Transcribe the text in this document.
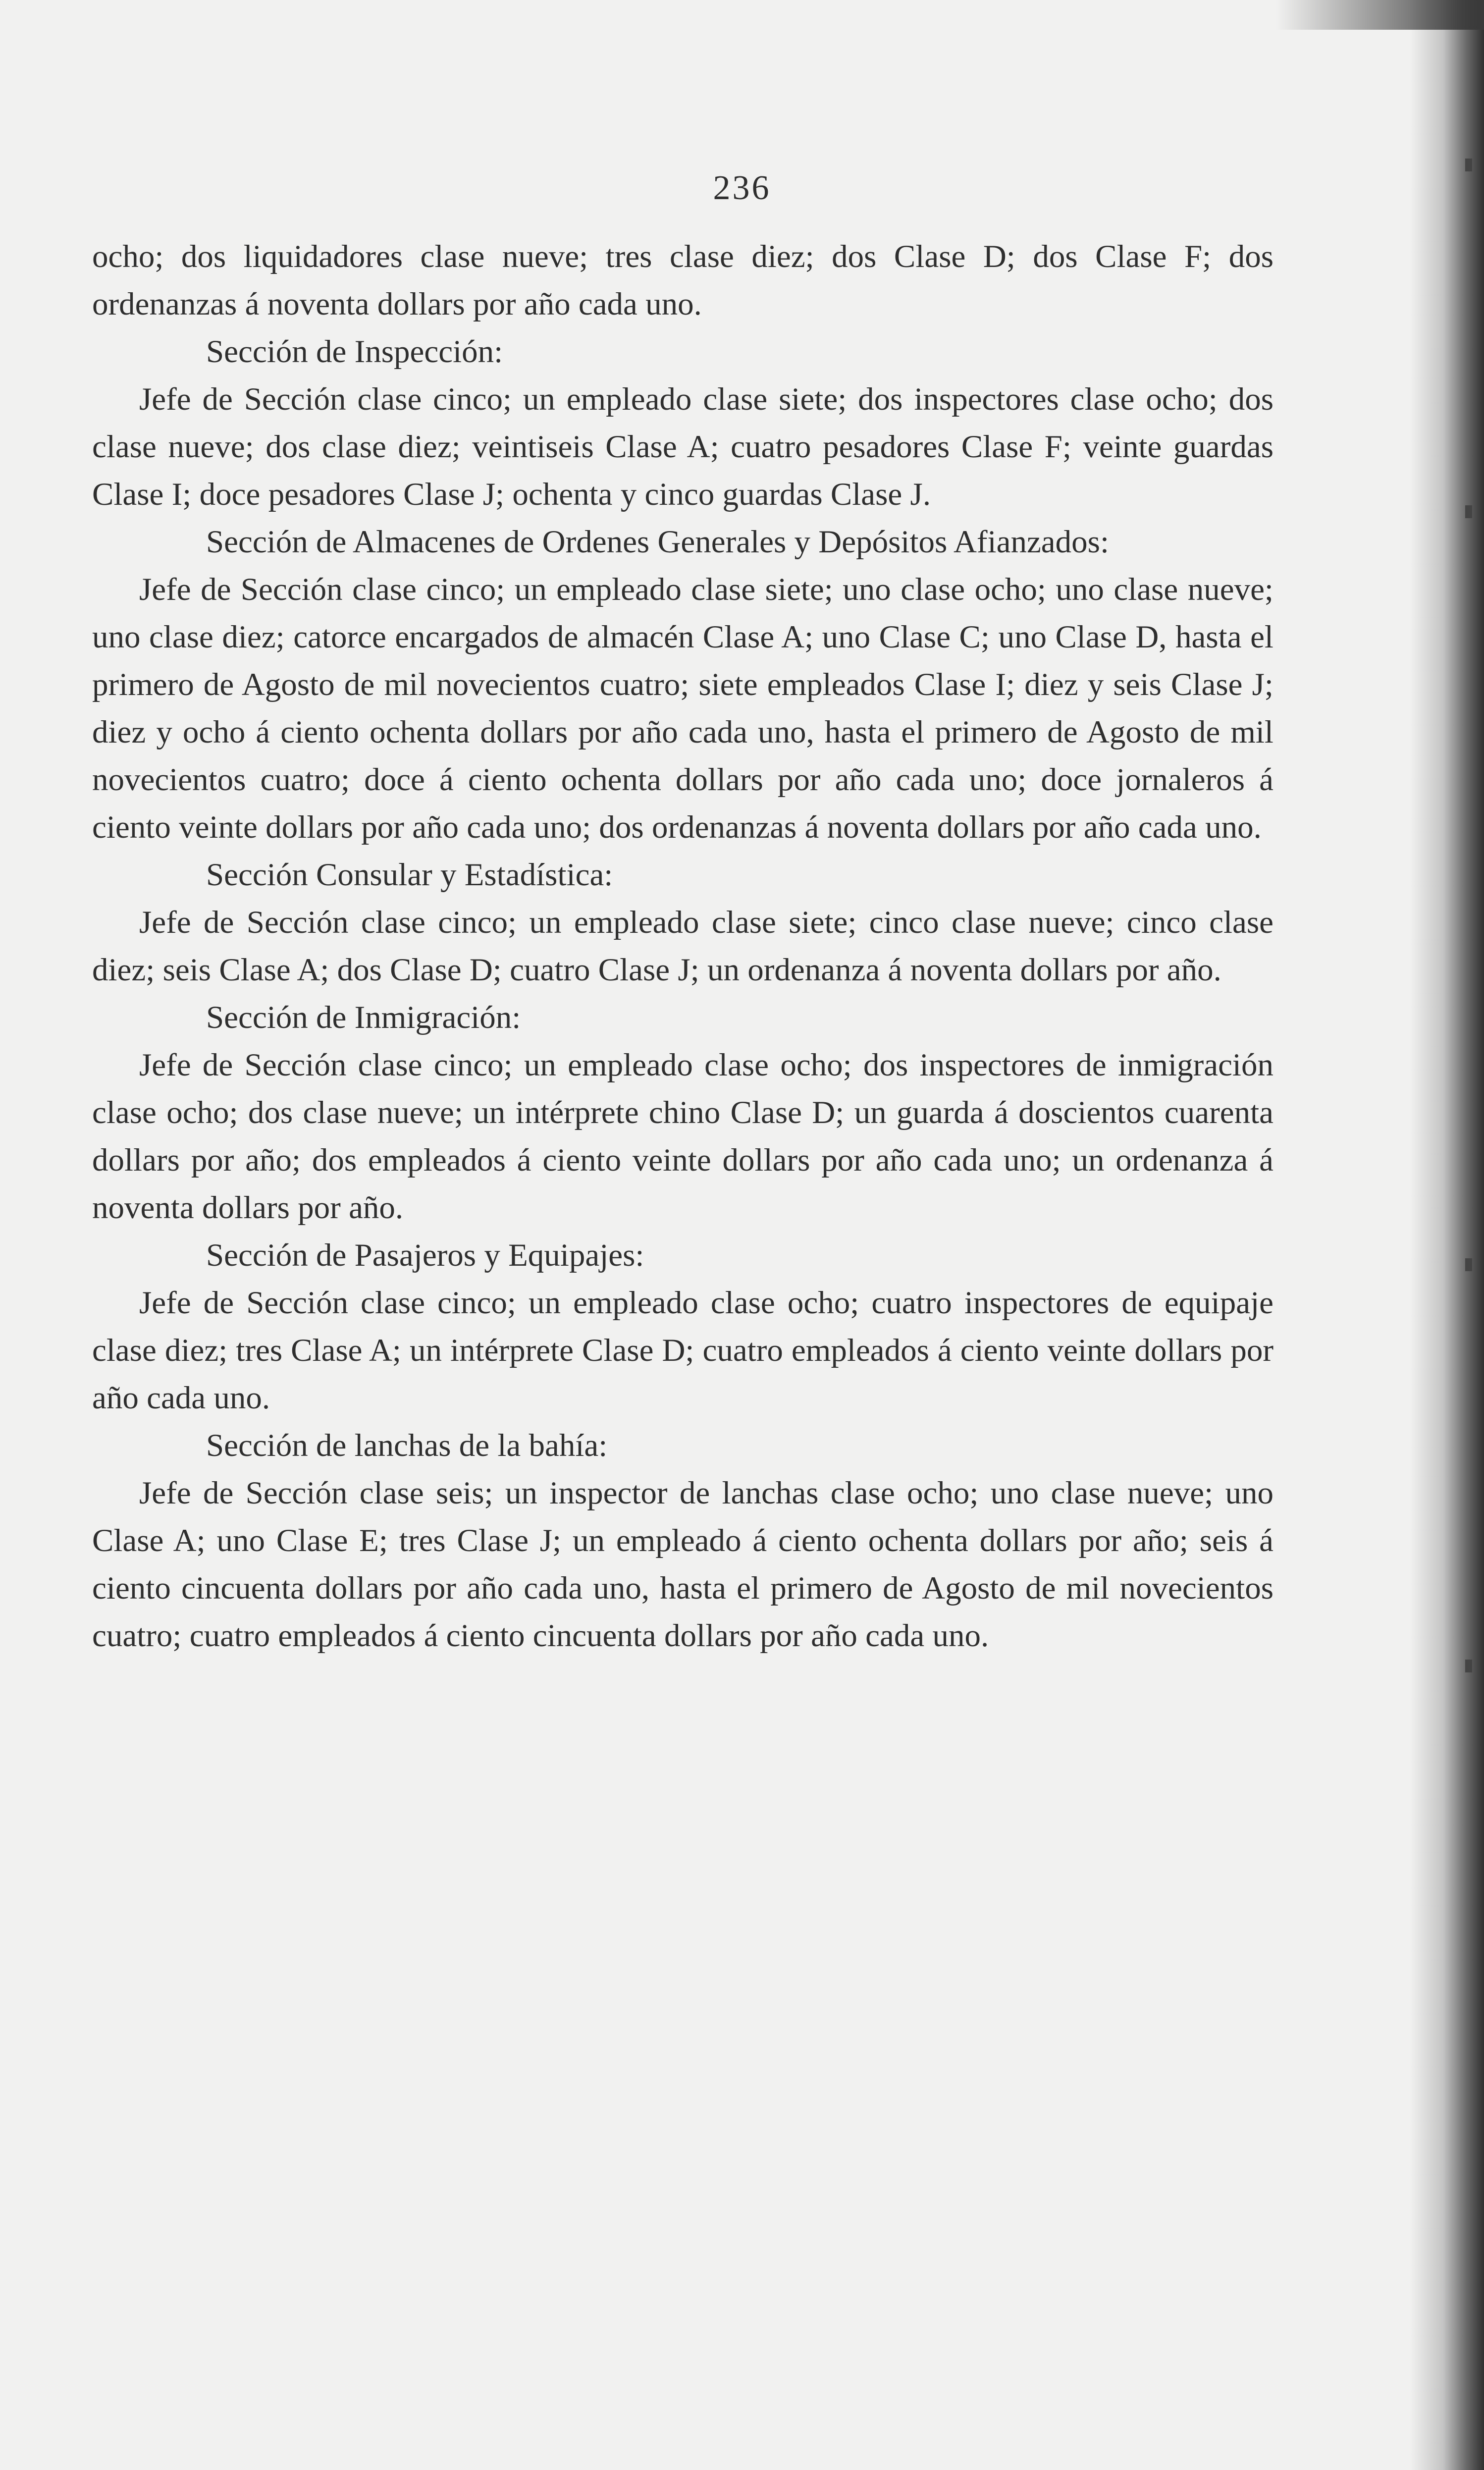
236

ocho; dos liquidadores clase nueve; tres clase diez; dos Clase D; dos Clase F; dos ordenanzas á noventa dollars por año cada uno.

Sección de Inspección:

Jefe de Sección clase cinco; un empleado clase siete; dos inspectores clase ocho; dos clase nueve; dos clase diez; veintiseis Clase A; cuatro pesadores Clase F; veinte guardas Clase I; doce pesadores Clase J; ochenta y cinco guardas Clase J.

Sección de Almacenes de Ordenes Generales y Depósitos Afianzados:

Jefe de Sección clase cinco; un empleado clase siete; uno clase ocho; uno clase nueve; uno clase diez; catorce encargados de almacén Clase A; uno Clase C; uno Clase D, hasta el primero de Agosto de mil novecientos cuatro; siete empleados Clase I; diez y seis Clase J; diez y ocho á ciento ochenta dollars por año cada uno, hasta el primero de Agosto de mil novecientos cuatro; doce á ciento ochenta dollars por año cada uno; doce jornaleros á ciento veinte dollars por año cada uno; dos ordenanzas á noventa dollars por año cada uno.

Sección Consular y Estadística:

Jefe de Sección clase cinco; un empleado clase siete; cinco clase nueve; cinco clase diez; seis Clase A; dos Clase D; cuatro Clase J; un ordenanza á noventa dollars por año.

Sección de Inmigración:

Jefe de Sección clase cinco; un empleado clase ocho; dos inspectores de inmigración clase ocho; dos clase nueve; un intérprete chino Clase D; un guarda á doscientos cuarenta dollars por año; dos empleados á ciento veinte dollars por año cada uno; un ordenanza á noventa dollars por año.

Sección de Pasajeros y Equipajes:

Jefe de Sección clase cinco; un empleado clase ocho; cuatro inspectores de equipaje clase diez; tres Clase A; un intérprete Clase D; cuatro empleados á ciento veinte dollars por año cada uno.

Sección de lanchas de la bahía:

Jefe de Sección clase seis; un inspector de lanchas clase ocho; uno clase nueve; uno Clase A; uno Clase E; tres Clase J; un empleado á ciento ochenta dollars por año; seis á ciento cincuenta dollars por año cada uno, hasta el primero de Agosto de mil novecientos cuatro; cuatro empleados á ciento cincuenta dollars por año cada uno.
